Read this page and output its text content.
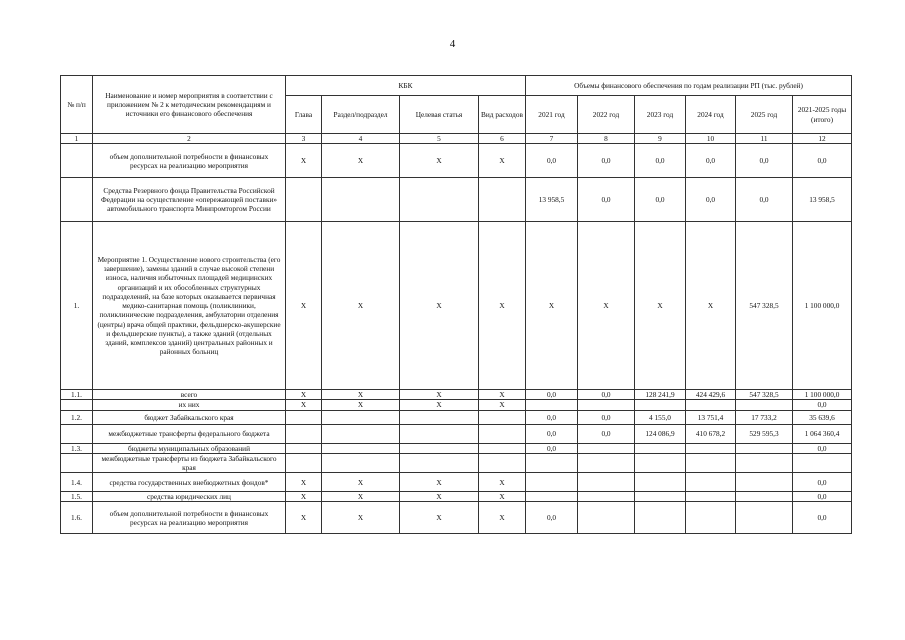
4
№ п/п	Наименование и номер мероприятия в соответствии с приложением № 2 к методическим рекомендациям и источники его финансового обеспечения	КБК				Объемы финансового обеспечения по годам реализации РП (тыс. рублей)					
		Глава	Раздел/подраздел	Целевая статья	Вид расходов	2021 год	2022 год	2023 год	2024 год	2025 год	2021-2025 годы (итого)
1	2	3	4	5	6	7	8	9	10	11	12
	объем дополнительной потребности в финансовых ресурсах на реализацию мероприятия	X	X	X	X	0,0	0,0	0,0	0,0	0,0	0,0
	Средства Резервного фонда Правительства Российской Федерации на осуществление «опережающей поставки» автомобильного транспорта Минпромторгом России					13 958,5	0,0	0,0	0,0	0,0	13 958,5
1.	Мероприятие 1. Осуществление нового строительства (его завершение), замены зданий в случае высокой степени износа, наличия избыточных площадей медицинских организаций и их обособленных структурных подразделений, на базе которых оказывается первичная медико-санитарная помощь (поликлиники, поликлинические подразделения, амбулатории отделения (центры) врача общей практики, фельдшерско-акушерские и фельдшерские пункты), а также зданий (отдельных зданий, комплексов зданий) центральных районных и районных больниц	X	X	X	X	X	X	X	X	547 328,5	1 100 000,0
1.1.	всего	X	X	X	X	0,0	0,0	128 241,9	424 429,6	547 328,5	1 100 000,0
	их них	X	X	X	X						0,0
1.2.	бюджет Забайкальского края					0,0	0,0	4 155,0	13 751,4	17 733,2	35 639,6
	межбюджетные трансферты федерального бюджета					0,0	0,0	124 086,9	410 678,2	529 595,3	1 064 360,4
1.3.	бюджеты муниципальных образований					0,0					0,0
	межбюджетные трансферты из бюджета Забайкальского края										
1.4.	средства государственных внебюджетных фондов*	X	X	X	X						0,0
1.5.	средства юридических лиц	X	X	X	X						0,0
1.6.	объем дополнительной потребности в финансовых ресурсах на реализацию мероприятия	X	X	X	X	0,0					0,0
